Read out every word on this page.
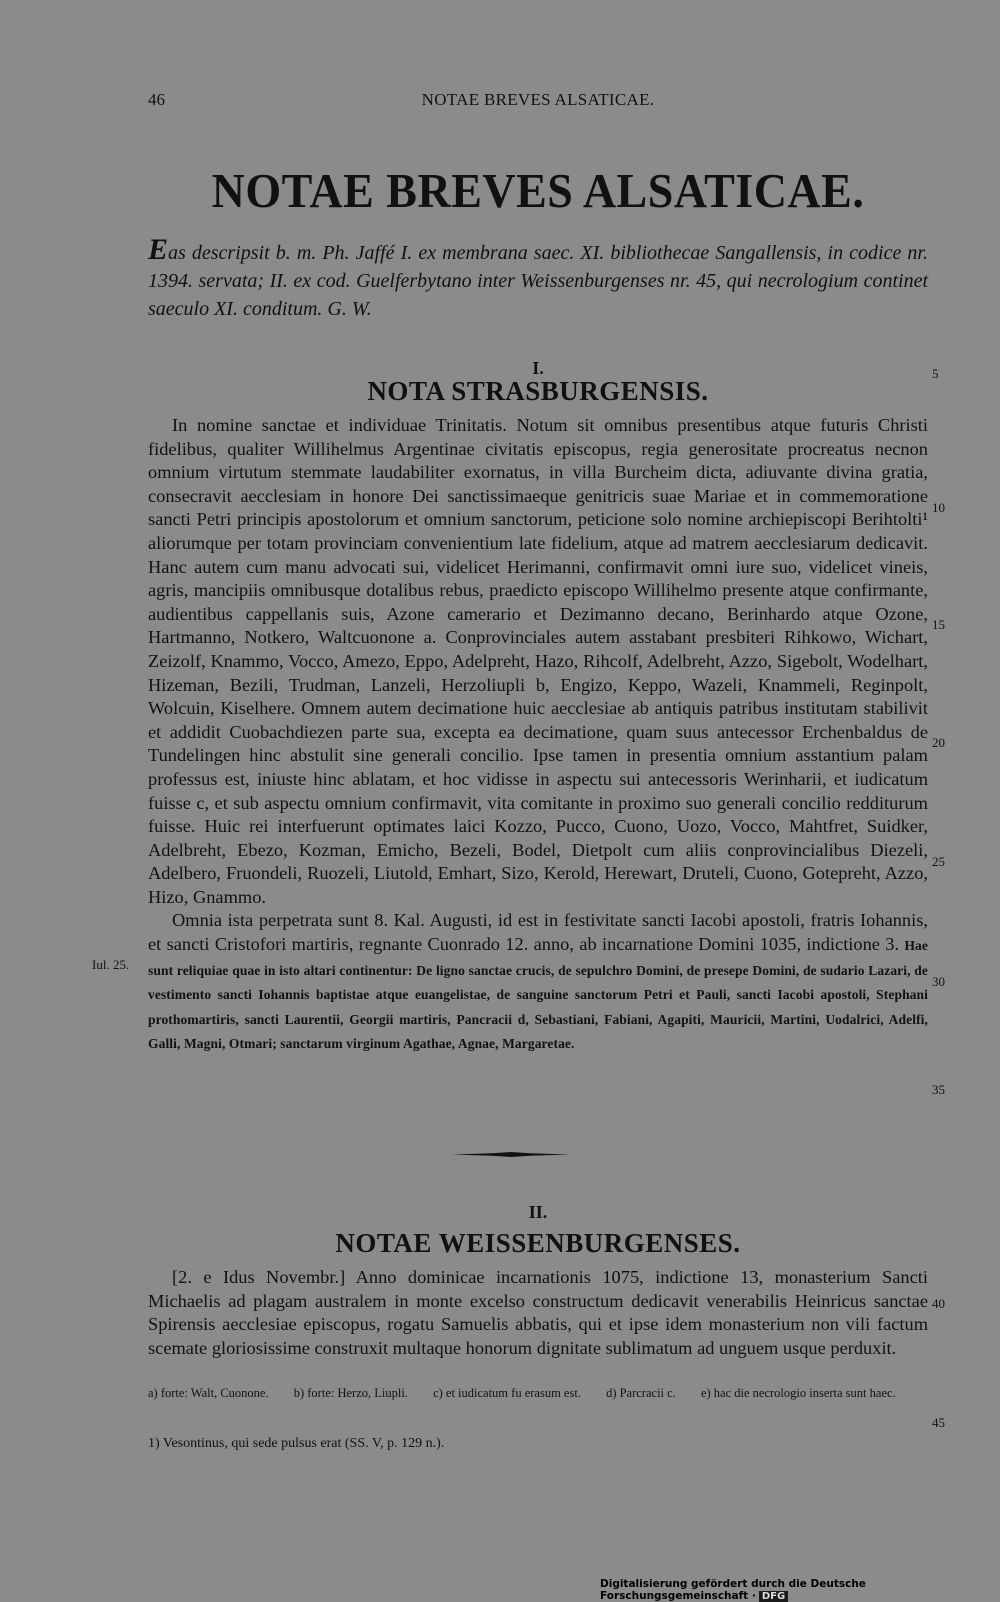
46	NOTAE BREVES ALSATICAE.
NOTAE BREVES ALSATICAE.
Eas descripsit b. m. Ph. Jaffé I. ex membrana saec. XI. bibliothecae Sangallensis, in codice nr. 1394. servata; II. ex cod. Guelferbytano inter Weissenburgenses nr. 45, qui necrologium continet saeculo XI. conditum. G. W.
I.
NOTA STRASBURGENSIS.

In nomine sanctae et individuae Trinitatis. Notum sit omnibus presentibus atque futuris Christi fidelibus, qualiter Willihelmus Argentinae civitatis episcopus, regia generositate procreatus necnon omnium virtutum stemmate laudabiliter exornatus, in villa Burcheim dicta, adiuvante divina gratia, consecravit aecclesiam in honore Dei sanctissimaeque genitricis suae Mariae et in commemoratione sancti Petri principis apostolorum et omnium sanctorum, peticione solo nomine archiepiscopi Berihtolti¹ aliorumque per totam provinciam convenientium late fidelium, atque ad matrem aecclesiarum dedicavit. Hanc autem cum manu advocati sui, videlicet Herimanni, confirmavit omni iure suo, videlicet vineis, agris, mancipiis omnibusque dotalibus rebus, praedicto episcopo Willihelmo presente atque confirmante, audientibus cappellanis suis, Azone camerario et Dezimanno decano, Berinhardo atque Ozone, Hartmanno, Notkero, Waltcuonone a. Conprovinciales autem asstabant presbiteri Rihkowo, Wichart, Zeizolf, Knammo, Vocco, Amezo, Eppo, Adelpreht, Hazo, Rihcolf, Adelbreht, Azzo, Sigebolt, Wodelhart, Hizeman, Bezili, Trudman, Lanzeli, Herzoliupli b, Engizo, Keppo, Wazeli, Knammeli, Reginpolt, Wolcuin, Kiselhere. Omnem autem decimatione huic aecclesiae ab antiquis patribus institutam stabilivit et addidit Cuobachdiezen parte sua, excepta ea decimatione, quam suus antecessor Erchenbaldus de Tundelingen hinc abstulit sine generali concilio. Ipse tamen in presentia omnium asstantium palam professus est, iniuste hinc ablatam, et hoc vidisse in aspectu sui antecessoris Werinharii, et iudicatum fuisse c, et sub aspectu omnium confirmavit, vita comitante in proximo suo generali concilio redditurum fuisse. Huic rei interfuerunt optimates laici Kozzo, Pucco, Cuono, Uozo, Vocco, Mahtfret, Suidker, Adelbreht, Ebezo, Kozman, Emicho, Bezeli, Bodel, Dietpolt cum aliis conprovincialibus Diezeli, Adelbero, Fruondeli, Ruozeli, Liutold, Emhart, Sizo, Kerold, Herewart, Druteli, Cuono, Gotepreht, Azzo, Hizo, Gnammo.

Omnia ista perpetrata sunt 8. Kal. Augusti, id est in festivitate sancti Iacobi apostoli, fratris Iohannis, et sancti Cristofori martiris, regnante Cuonrado 12. anno, ab incarnatione Domini 1035, indictione 3. Hae sunt reliquiae quae in isto altari continentur: De ligno sanctae crucis, de sepulchro Domini, de presepe Domini, de sudario Lazari, de vestimento sancti Iohannis baptistae atque euangelistae, de sanguine sanctorum Petri et Pauli, sancti Iacobi apostoli, Stephani prothomartiris, sancti Laurentii, Georgii martiris, Pancracii d, Sebastiani, Fabiani, Agapiti, Mauricii, Martini, Uodalrici, Adelfi, Galli, Magni, Otmari; sanctarum virginum Agathae, Agnae, Margaretae.

Iul. 25.
5
10
15
20
25
30
35
40
45
II.
NOTAE WEISSENBURGENSES.

[2. e Idus Novembr.] Anno dominicae incarnationis 1075, indictione 13, monasterium Sancti Michaelis ad plagam australem in monte excelso constructum dedicavit venerabilis Heinricus sanctae Spirensis aecclesiae episcopus, rogatu Samuelis abbatis, qui et ipse idem monasterium non vili factum scemate gloriosissime construxit multaque honorum dignitate sublimatum ad unguem usque perduxit.

a) forte: Walt, Cuonone. b) forte: Herzo, Liupli. c) et iudicatum fu erasum est. d) Parcracii c. e) hac die necrologio inserta sunt haec.
1) Vesontinus, qui sede pulsus erat (SS. V, p. 129 n.).
Digitalisierung gefördert durch die Deutsche Forschungsgemeinschaft · DFG
